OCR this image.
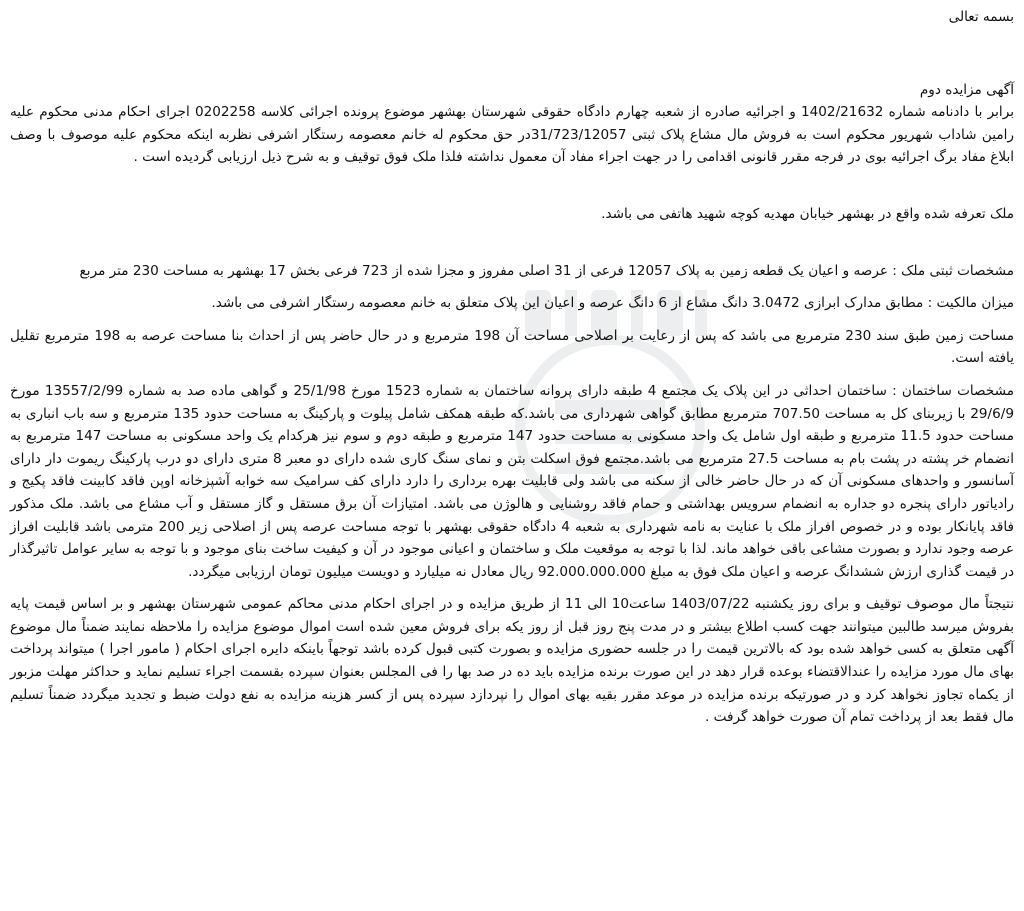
بسمه تعالی

آگهی مزایده دوم

برابر با دادنامه شماره 1402/21632 و اجرائیه صادره از شعبه چهارم دادگاه حقوقی شهرستان بهشهر موضوع پرونده اجرائی کلاسه 0202258 اجرای احکام مدنی محکوم علیه رامین شاداب شهریور محکوم است به فروش مال مشاع پلاک ثبتی 31/723/12057در حق محکوم له خانم معصومه رستگار اشرفی نظربه اینکه محکوم علیه موصوف با وصف ابلاغ مفاد برگ اجرائیه بوی در فرجه مقرر قانونی اقدامی را در جهت اجراء مفاد آن معمول نداشته فلذا ملک فوق توقیف و به شرح ذیل ارزیابی گردیده است .

ملک تعرفه شده واقع در بهشهر خیابان مهدیه کوچه شهید هاتفی می باشد.

مشخصات ثبتی ملک : عرصه و اعیان یک قطعه زمین به پلاک 12057 فرعی از 31 اصلی مفروز و مجزا شده از 723 فرعی بخش 17 بهشهر به مساحت 230 متر مربع

میزان مالکیت : مطابق مدارک ابرازی 3.0472 دانگ مشاع از 6 دانگ عرصه و اعیان این پلاک متعلق به خانم معصومه رستگار اشرفی می باشد.

مساحت زمین طبق سند 230 مترمربع می باشد که پس از رعایت بر اصلاحی مساحت آن 198 مترمربع و در حال حاضر پس از احداث بنا مساحت عرصه به 198 مترمربع تقلیل یافته است.

مشخصات ساختمان : ساختمان احداثی در این پلاک یک مجتمع 4 طبقه دارای پروانه ساختمان به شماره 1523 مورخ 25/1/98 و گواهی ماده صد به شماره 13557/2/99 مورخ 29/6/9 با زیربنای کل به مساحت 707.50 مترمربع مطابق گواهی شهرداری می باشد.که طبقه همکف شامل پیلوت و پارکینگ به مساحت حدود 135 مترمربع و سه باب انباری به مساحت حدود 11.5 مترمربع و طبقه اول شامل یک واحد مسکونی به مساحت حدود 147 مترمربع و طبقه دوم و سوم نیز هرکدام یک واحد مسکونی به مساحت 147 مترمربع به انضمام خر پشته در پشت بام به مساحت 27.5 مترمربع می باشد.مجتمع فوق اسکلت بتن و نمای سنگ کاری شده دارای دو معبر 8 متری دارای دو درب پارکینگ ریموت دار دارای آسانسور و واحدهای مسکونی آن که در حال حاضر خالی از سکنه می باشد ولی قابلیت بهره برداری را دارد دارای کف سرامیک سه خوابه آشپزخانه اوپن فاقد کابینت فاقد پکیج و رادیاتور دارای پنجره دو جداره به انضمام سرویس بهداشتی و حمام فاقد روشنایی و هالوژن می باشد. امتیازات آن برق مستقل و گاز مستقل و آب مشاع می باشد. ملک مذکور فاقد پایانکار بوده و در خصوص افراز ملک با عنایت به نامه شهرداری به شعبه 4 دادگاه حقوقی بهشهر با توجه مساحت عرصه پس از اصلاحی زیر 200 مترمی باشد قابلیت افراز عرصه وجود ندارد و بصورت مشاعی باقی خواهد ماند. لذا با توجه به موقعیت ملک و ساختمان و اعیانی موجود در آن و کیفیت ساخت بنای موجود و با توجه به سایر عوامل تاثیرگذار در قیمت گذاری ارزش ششدانگ عرصه و اعیان ملک فوق به مبلغ 92.000.000.000 ریال معادل نه میلیارد و دویست میلیون تومان ارزیابی میگردد.

نتیجتاً مال موصوف توقیف و برای روز یکشنبه 1403/07/22 ساعت10 الی 11 از طریق مزایده و در اجرای احکام مدنی محاکم عمومی شهرستان بهشهر و بر اساس قیمت پایه بفروش میرسد طالبین میتوانند جهت کسب اطلاع بیشتر و در مدت پنج روز قبل از روز یکه برای فروش معین شده است اموال موضوع مزایده را ملاحظه نمایند ضمناً مال موضوع آگهی متعلق به کسی خواهد شده بود که بالاترین قیمت را در جلسه حضوری مزایده و بصورت کتبی قبول کرده باشد توجهاً باینکه دایره اجرای احکام ( مامور اجرا ) میتواند پرداخت بهای مال مورد مزایده را عندالاقتضاء بوعده قرار دهد در این صورت برنده مزایده باید ده در صد بها را فی المجلس بعنوان سپرده بقسمت اجراء تسلیم نماید و حداکثر مهلت مزبور از یکماه تجاوز نخواهد کرد و در صورتیکه برنده مزایده در موعد مقرر بقیه بهای اموال را نپردازد سپرده پس از کسر هزینه مزایده به نفع دولت ضبط و تجدید میگردد ضمناً تسلیم مال فقط بعد از پرداخت تمام آن صورت خواهد گرفت .
